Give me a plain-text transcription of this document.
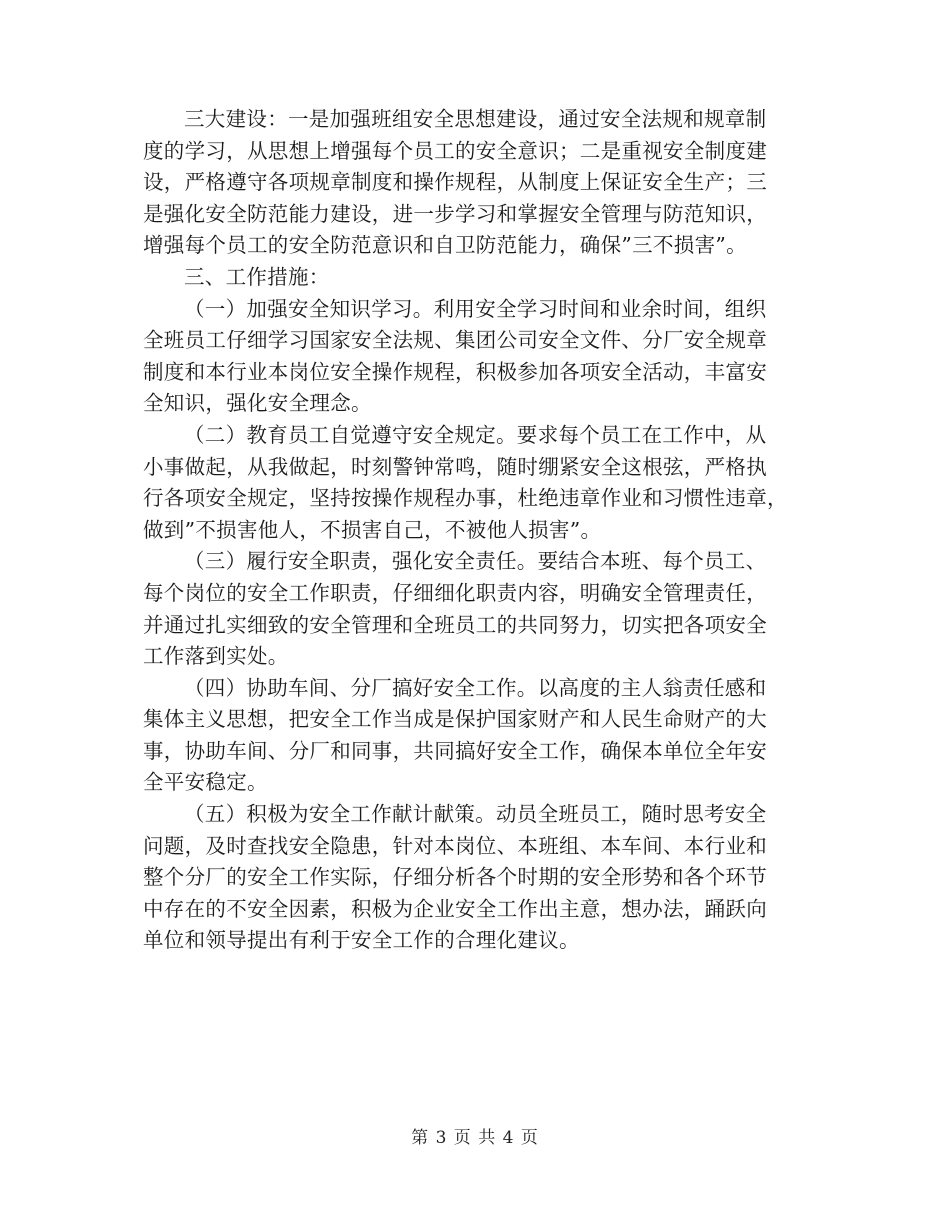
三大建设：一是加强班组安全思想建设，通过安全法规和规章制
度的学习，从思想上增强每个员工的安全意识；二是重视安全制度建
设，严格遵守各项规章制度和操作规程，从制度上保证安全生产；三
是强化安全防范能力建设，进一步学习和掌握安全管理与防范知识，
增强每个员工的安全防范意识和自卫防范能力，确保”三不损害”。

三、工作措施：

（一）加强安全知识学习。利用安全学习时间和业余时间，组织
全班员工仔细学习国家安全法规、集团公司安全文件、分厂安全规章
制度和本行业本岗位安全操作规程，积极参加各项安全活动，丰富安
全知识，强化安全理念。

（二）教育员工自觉遵守安全规定。要求每个员工在工作中，从
小事做起，从我做起，时刻警钟常鸣，随时绷紧安全这根弦，严格执
行各项安全规定，坚持按操作规程办事，杜绝违章作业和习惯性违章，
做到”不损害他人，不损害自己，不被他人损害”。

（三）履行安全职责，强化安全责任。要结合本班、每个员工、
每个岗位的安全工作职责，仔细细化职责内容，明确安全管理责任，
并通过扎实细致的安全管理和全班员工的共同努力，切实把各项安全
工作落到实处。

（四）协助车间、分厂搞好安全工作。以高度的主人翁责任感和
集体主义思想，把安全工作当成是保护国家财产和人民生命财产的大
事，协助车间、分厂和同事，共同搞好安全工作，确保本单位全年安
全平安稳定。

（五）积极为安全工作献计献策。动员全班员工，随时思考安全
问题，及时查找安全隐患，针对本岗位、本班组、本车间、本行业和
整个分厂的安全工作实际，仔细分析各个时期的安全形势和各个环节
中存在的不安全因素，积极为企业安全工作出主意，想办法，踊跃向
单位和领导提出有利于安全工作的合理化建议。

第 3 页 共 4 页
